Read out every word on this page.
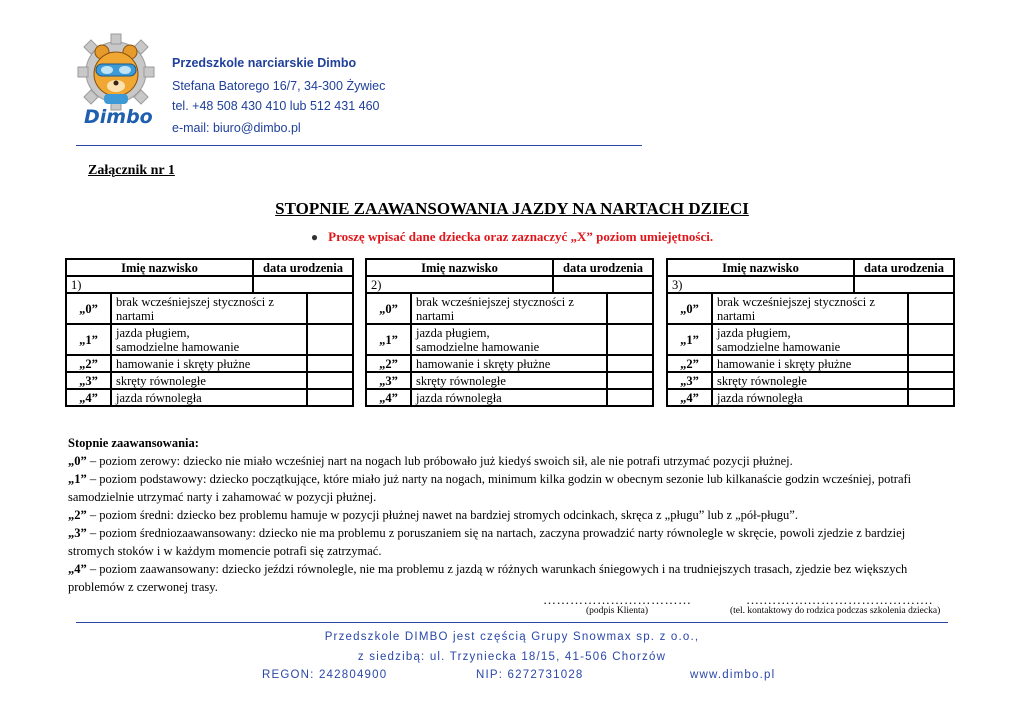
Dimbo
Przedszkole narciarskie Dimbo
Stefana Batorego 16/7, 34-300 Żywiec
tel. +48 508 430 410 lub 512 431 460
e-mail: biuro@dimbo.pl
Załącznik nr 1
STOPNIE ZAAWANSOWANIA JAZDY NA NARTACH DZIECI
● Proszę wpisać dane dziecka oraz zaznaczyć „X” poziom umiejętności.
Imię nazwisko		data urodzenia	
1)			
„0”	brak wcześniejszej styczności z
nartami		
„1”	jazda pługiem,
samodzielne hamowanie		
„2”	hamowanie i skręty płużne		
„3”	skręty równoległe		
„4”	jazda równoległa		
Imię nazwisko		data urodzenia	
2)			
„0”	brak wcześniejszej styczności z
nartami		
„1”	jazda pługiem,
samodzielne hamowanie		
„2”	hamowanie i skręty płużne		
„3”	skręty równoległe		
„4”	jazda równoległa		
Imię nazwisko		data urodzenia	
3)			
„0”	brak wcześniejszej styczności z
nartami		
„1”	jazda pługiem,
samodzielne hamowanie		
„2”	hamowanie i skręty płużne		
„3”	skręty równoległe		
„4”	jazda równoległa		
Stopnie zaawansowania:
„0” – poziom zerowy: dziecko nie miało wcześniej nart na nogach lub próbowało już kiedyś swoich sił, ale nie potrafi utrzymać pozycji płużnej.
„1” – poziom podstawowy: dziecko początkujące, które miało już narty na nogach, minimum kilka godzin w obecnym sezonie lub kilkanaście godzin wcześniej, potrafi samodzielnie utrzymać narty i zahamować w pozycji płużnej.
„2” – poziom średni: dziecko bez problemu hamuje w pozycji płużnej nawet na bardziej stromych odcinkach, skręca z „pługu” lub z „pół-pługu”.
„3” – poziom średniozaawansowany: dziecko nie ma problemu z poruszaniem się na nartach, zaczyna prowadzić narty równolegle w skręcie, powoli zjedzie z bardziej stromych stoków i w każdym momencie potrafi się zatrzymać.
„4” – poziom zaawansowany: dziecko jeździ równolegle, nie ma problemu z jazdą w różnych warunkach śniegowych i na trudniejszych trasach, zjedzie bez większych problemów z czerwonej trasy.
……………………………	….……….……………………….
(podpis Klienta)	(tel. kontaktowy do rodzica podczas szkolenia dziecka)
Przedszkole DIMBO jest częścią Grupy Snowmax sp. z o.o.,
z siedzibą: ul. Trzyniecka 18/15, 41-506 Chorzów
REGON: 242804900	NIP: 6272731028	www.dimbo.pl
